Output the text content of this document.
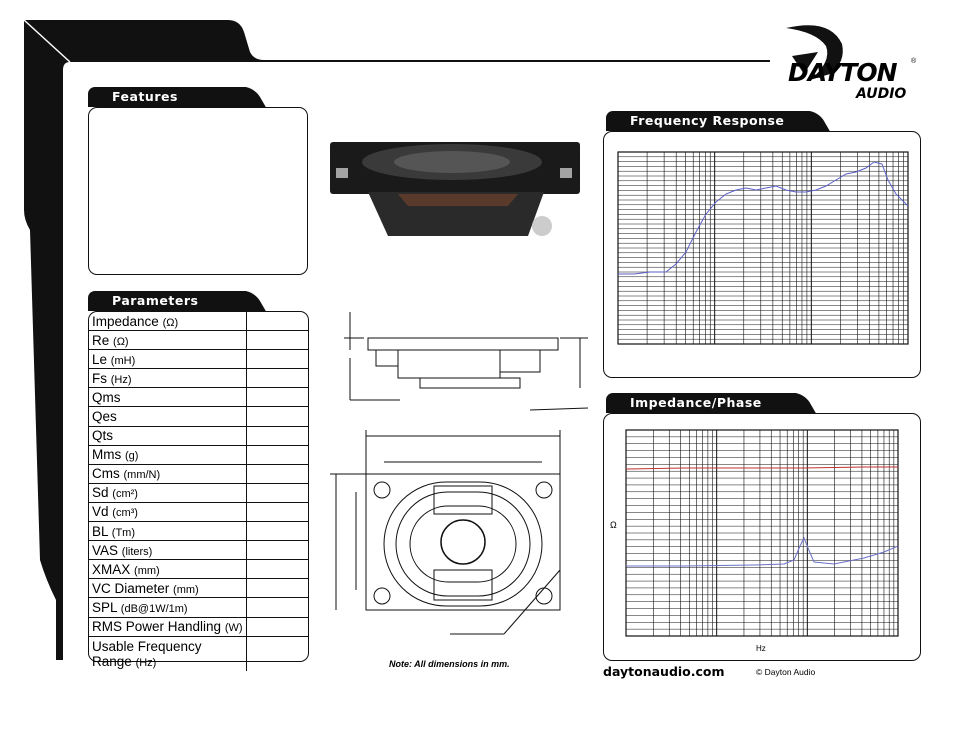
DAYTON ®
AUDIO
Features
Parameters
Impedance (Ω)	
Re (Ω)	
Le (mH)	
Fs (Hz)	
Qms	
Qes	
Qts	
Mms (g)	
Cms (mm/N)	
Sd (cm²)	
Vd (cm³)	
BL (Tm)	
VAS (liters)	
XMAX (mm)	
VC Diameter (mm)	
SPL (dB@1W/1m)	
RMS Power Handling (W)	
Usable Frequency Range (Hz)		Note: All dimensions in mm.
Frequency Response
Impedance/Phase
Ω
Hz
daytonaudio.com	© Dayton Audio
